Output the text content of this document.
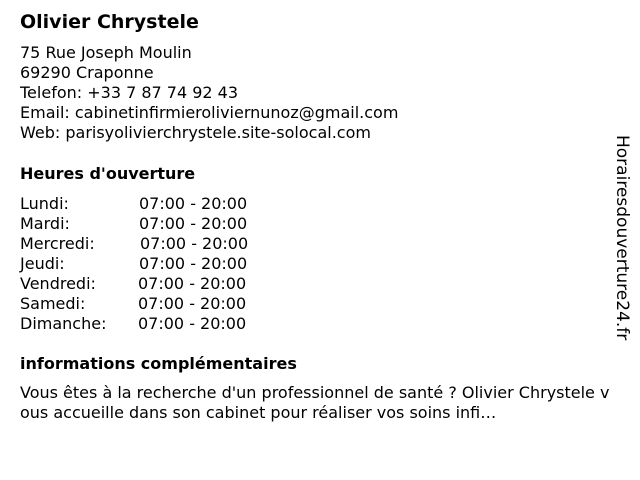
Olivier Chrystele
75 Rue Joseph Moulin
69290 Craponne
Telefon: +33 7 87 74 92 43
Email: cabinetinfirmieroliviernunoz@gmail.com
Web: parisyolivierchrystele.site-solocal.com
Heures d'ouverture
Lundi:	07:00 - 20:00
Mardi:	07:00 - 20:00
Mercredi:	07:00 - 20:00
Jeudi:	07:00 - 20:00
Vendredi:	07:00 - 20:00
Samedi:	07:00 - 20:00
Dimanche: 07:00 - 20:00
informations complémentaires
Vous êtes à la recherche d'un professionnel de santé ? Olivier Chrystele vous accueille dans son cabinet pour réaliser vos soins infi…
Horairesdouverture24.fr
